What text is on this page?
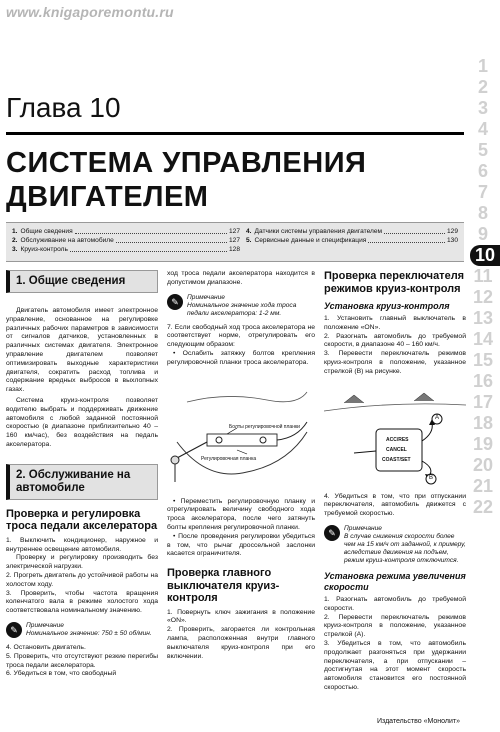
www.knigaporemontu.ru
Глава 10
СИСТЕМА УПРАВЛЕНИЯ
ДВИГАТЕЛЕМ
1. Общие сведения	127
2. Обслуживание на автомобиле	127
3. Круиз-контроль	128
4. Датчики системы управления двигателем	129
5. Сервисные данные и спецификация	130
1. Общие сведения
Двигатель автомобиля имеет электронное управление, основанное на регулировке различных рабочих параметров в зависимости от сигналов датчиков, установленных в различных системах двигателя. Электронное управление двигателем позволяет оптимизировать выходные характеристики двигателя, сократить расход топлива и содержание вредных выбросов в выхлопных газах.
Система круиз-контроля позволяет водителю выбрать и поддерживать движение автомобиля с любой заданной постоянной скоростью (в диапазоне приблизительно 40 – 160 км/час), без воздействия на педаль акселератора.
2. Обслуживание на автомобиле
Проверка и регулировка троса педали акселератора
1. Выключить кондиционер, наружное и внутреннее освещение автомобиля.
Проверку и регулировку производить без электрической нагрузки.
2. Прогреть двигатель до устойчивой работы на холостом ходу.
3. Проверить, чтобы частота вращения коленчатого вала в режиме холостого хода соответствовала номинальному значению.
✎	Примечание
Номинальное значение: 750 ± 50 об/мин.
4. Остановить двигатель.
5. Проверить, что отсутствуют резкие перегибы троса педали акселератора.
6. Убедиться в том, что свободный
ход троса педали акселератора находится в допустимом диапазоне.
✎	Примечание
Номинальное значение хода троса педали акселератора: 1-2 мм.
7. Если свободный ход троса акселератора не соответствует норме, отрегулировать его следующим образом:
• Ослабить затяжку болтов крепления регулировочной планки троса акселератора.
Болты регулировочной планки
Регулировочная планка
• Переместить регулировочную планку и отрегулировать величину свободного хода троса акселератора, после чего затянуть болты крепления регулировочной планки.
• После проведения регулировки убедиться в том, что рычаг дроссельной заслонки касается ограничителя.
Проверка главного выключателя круиз-контроля
1. Повернуть ключ зажигания в положение «ON».
2. Проверить, загорается ли контрольная лампа, расположенная внутри главного выключателя круиз-контроля при его включении.
Проверка переключателя режимов круиз-контроля
Установка круиз-контроля
1. Установить главный выключатель в положение «ON».
2. Разогнать автомобиль до требуемой скорости, в диапазоне 40 – 160 км/ч.
3. Перевести переключатель режимов круиз-контроля в положение, указанное стрелкой (B) на рисунке.
ACC/RES
CANCEL
COAST/SET
A
B
4. Убедиться в том, что при отпускании переключателя, автомобиль движется с требуемой скоростью.
✎	Примечание
В случае снижения скорости более чем на 15 км/ч от заданной, к примеру, вследствие движения на подъем, режим круиз-контроля отключится.
Установка режима увеличения скорости
1. Разогнать автомобиль до требуемой скорости.
2. Перевести переключатель режимов круиз-контроля в положение, указанное стрелкой (A).
3. Убедиться в том, что автомобиль продолжает разгоняться при удержании переключателя, а при отпускании – достигнутая на этот момент скорость автомобиля становится его постоянной скоростью.
1
2
3
4
5
6
7
8
9
10
11
12
13
14
15
16
17
18
19
20
21
22
Издательство «Монолит»
